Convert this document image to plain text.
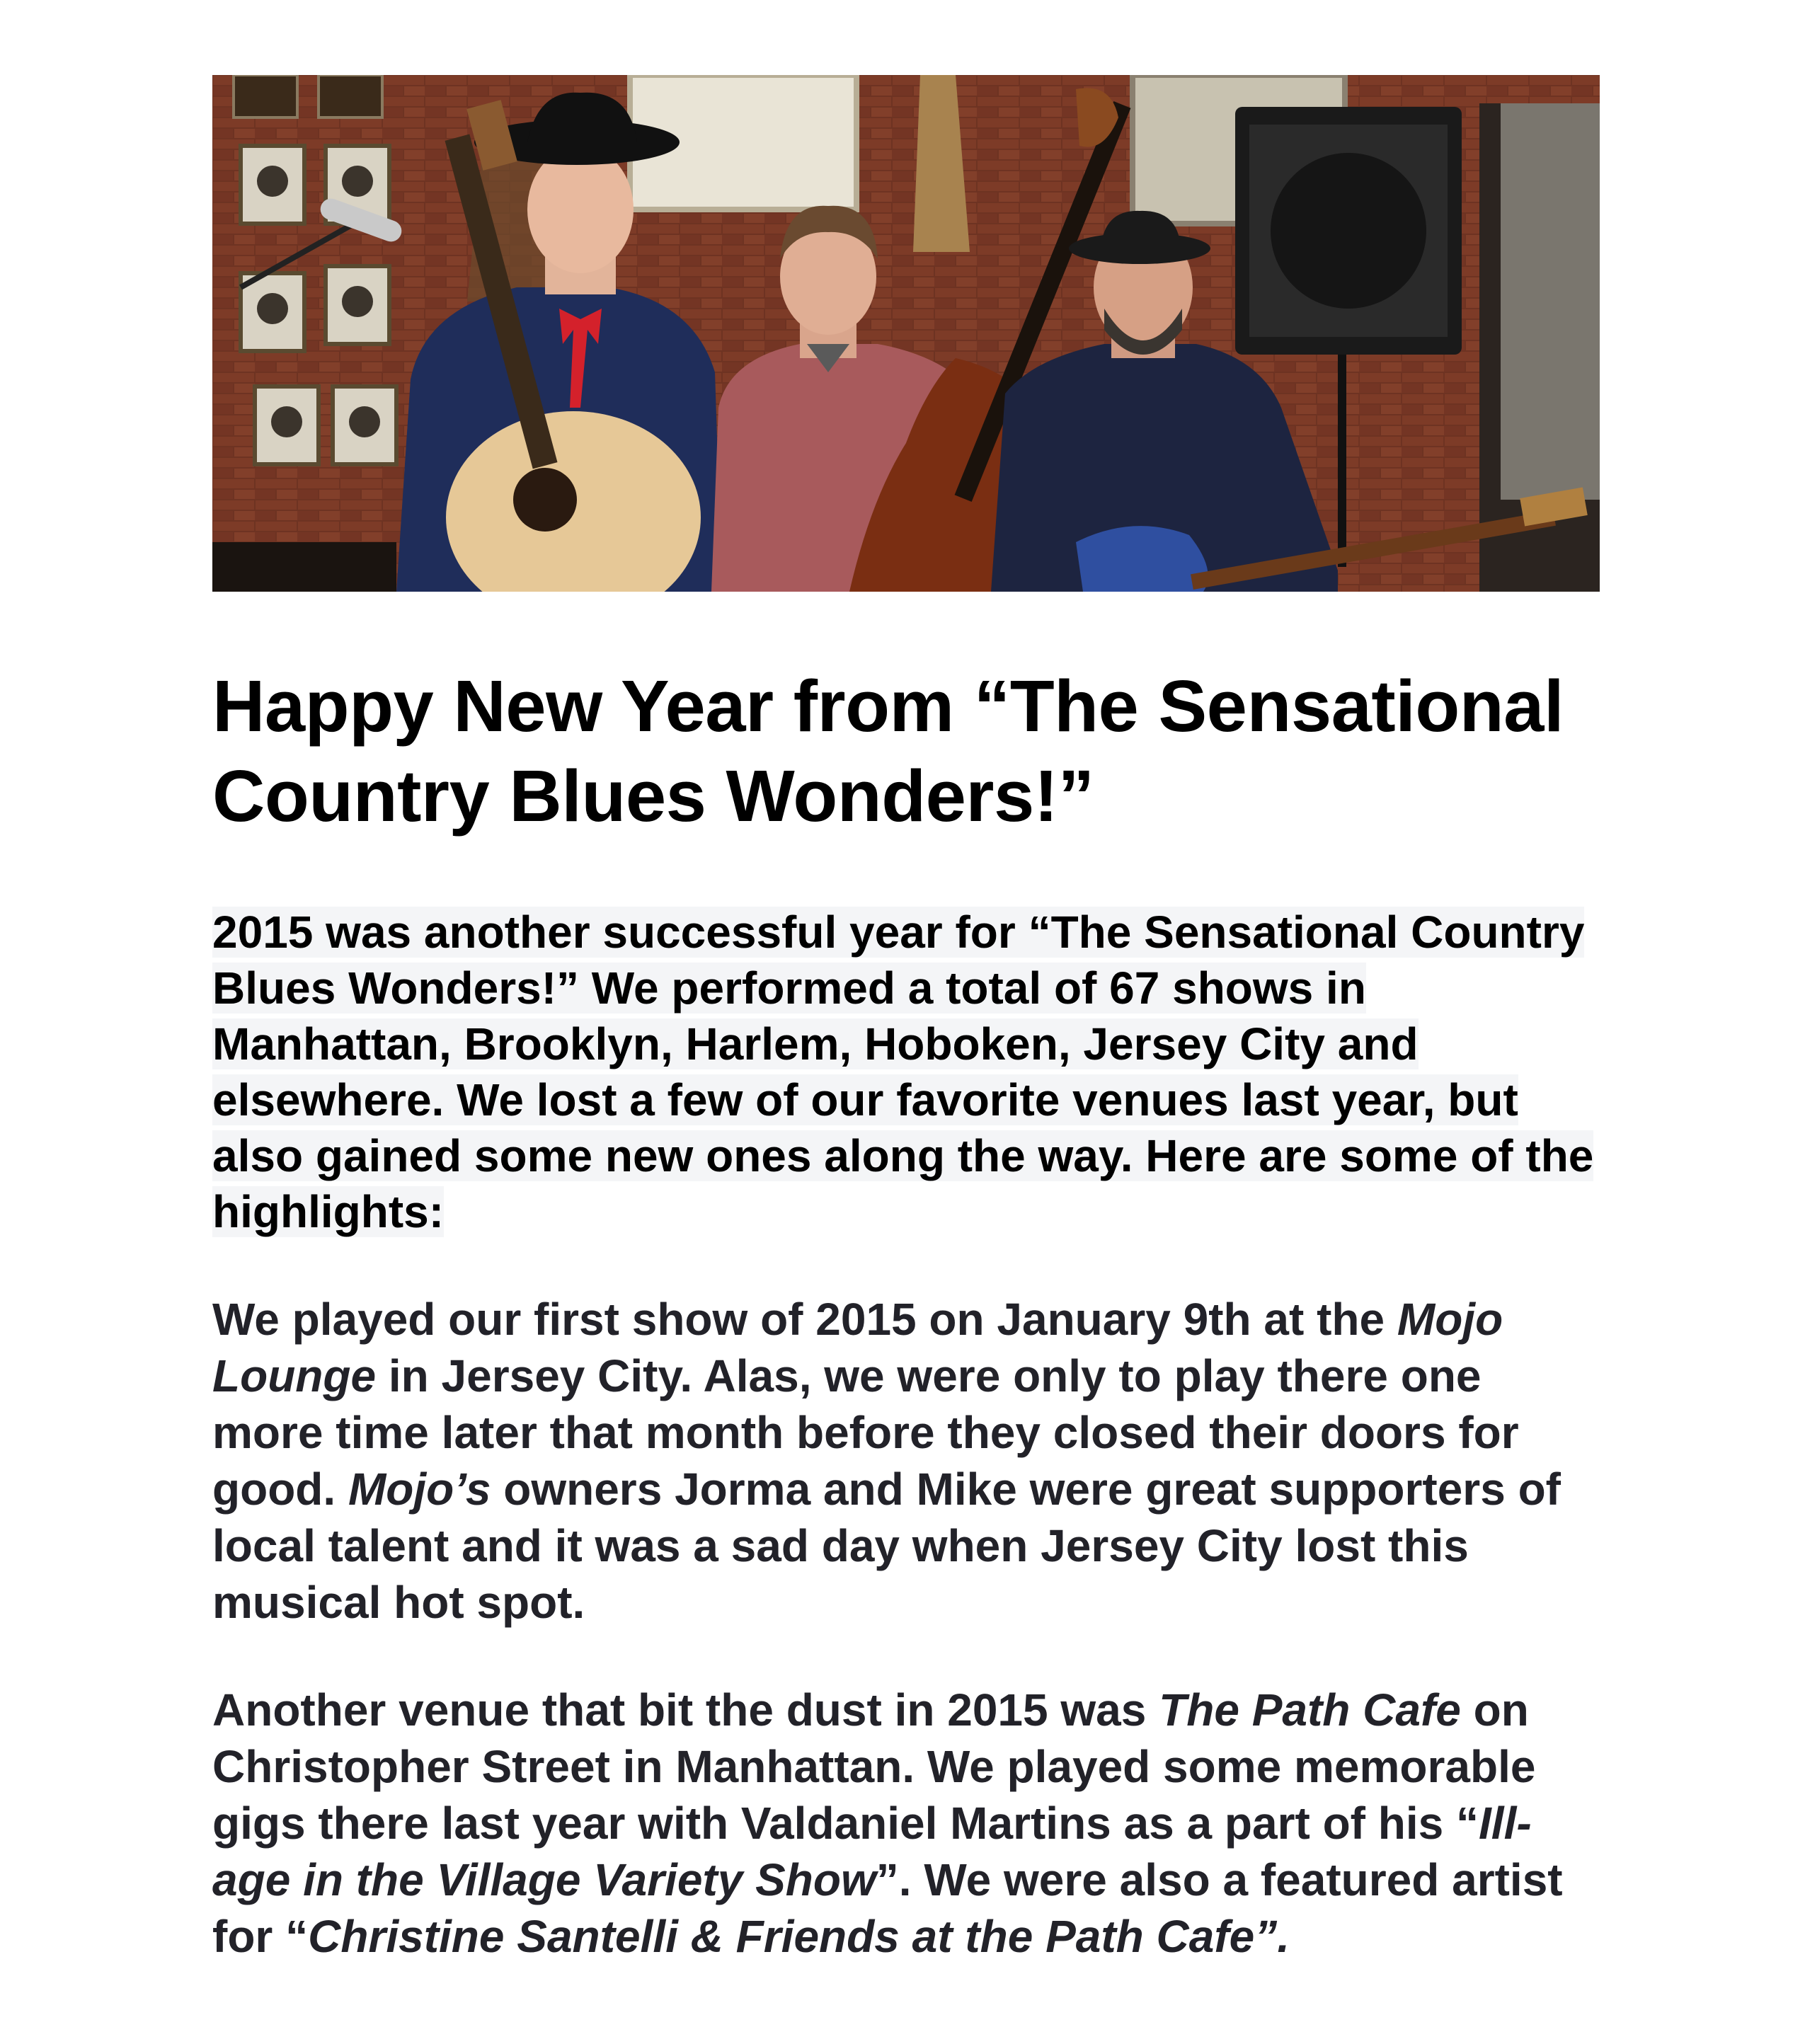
Happy New Year from “The Sensational Country Blues Wonders!”

2015 was another successful year for “The Sensational Country Blues Wonders!” We performed a total of 67 shows in Manhattan, Brooklyn, Harlem, Hoboken, Jersey City and elsewhere. We lost a few of our favorite venues last year, but also gained some new ones along the way. Here are some of the highlights:

We played our first show of 2015 on January 9th at the Mojo Lounge in Jersey City. Alas, we were only to play there one more time later that month before they closed their doors for good. Mojo’s owners Jorma and Mike were great supporters of local talent and it was a sad day when Jersey City lost this musical hot spot.

Another venue that bit the dust in 2015 was The Path Cafe on Christopher Street in Manhattan. We played some memorable gigs there last year with Valdaniel Martins as a part of his “Ill-age in the Village Variety Show”. We were also a featured artist for “Christine Santelli & Friends at the Path Cafe”.
